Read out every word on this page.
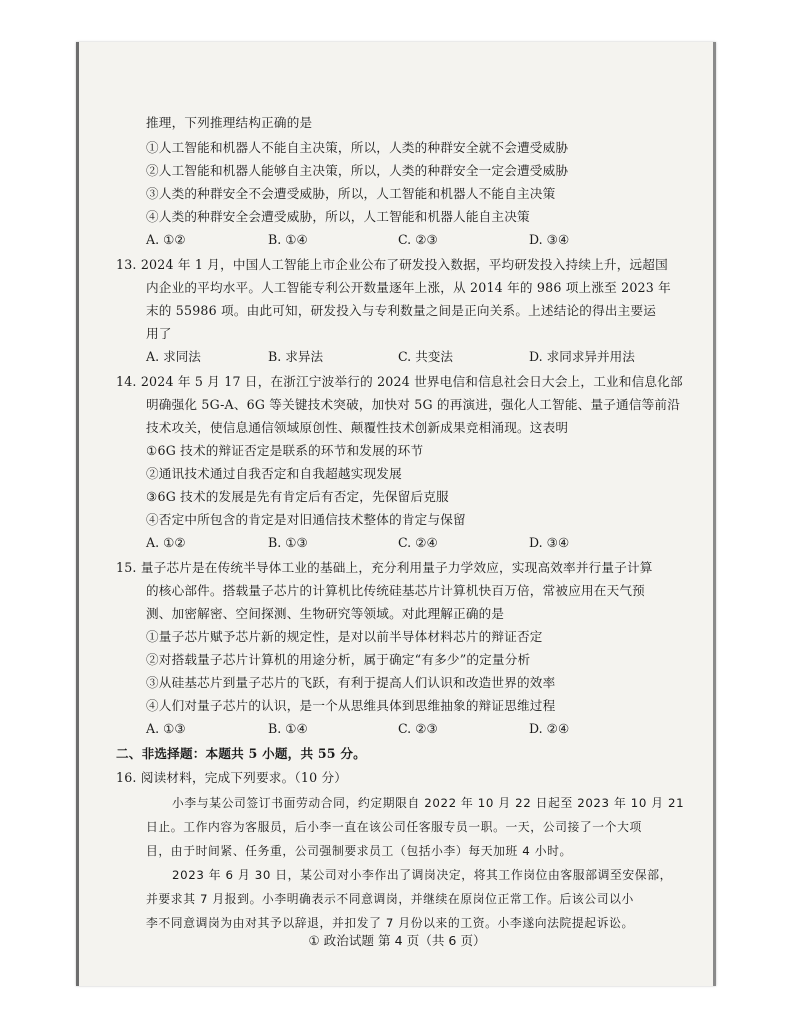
推理，下列推理结构正确的是
①人工智能和机器人不能自主决策，所以，人类的种群安全就不会遭受威胁
②人工智能和机器人能够自主决策，所以，人类的种群安全一定会遭受威胁
③人类的种群安全不会遭受威胁，所以，人工智能和机器人不能自主决策
④人类的种群安全会遭受威胁，所以，人工智能和机器人能自主决策
A. ①②	B. ①④	C. ②③	D. ③④
13. 2024 年 1 月，中国人工智能上市企业公布了研发投入数据，平均研发投入持续上升，远超国
内企业的平均水平。人工智能专利公开数量逐年上涨，从 2014 年的 986 项上涨至 2023 年
末的 55986 项。由此可知，研发投入与专利数量之间是正向关系。上述结论的得出主要运
用了
A. 求同法	B. 求异法	C. 共变法	D. 求同求异并用法
14. 2024 年 5 月 17 日，在浙江宁波举行的 2024 世界电信和信息社会日大会上，工业和信息化部
明确强化 5G-A、6G 等关键技术突破，加快对 5G 的再演进，强化人工智能、量子通信等前沿
技术攻关，使信息通信领域原创性、颠覆性技术创新成果竞相涌现。这表明
①6G 技术的辩证否定是联系的环节和发展的环节
②通讯技术通过自我否定和自我超越实现发展
③6G 技术的发展是先有肯定后有否定，先保留后克服
④否定中所包含的肯定是对旧通信技术整体的肯定与保留
A. ①②	B. ①③	C. ②④	D. ③④
15. 量子芯片是在传统半导体工业的基础上，充分利用量子力学效应，实现高效率并行量子计算
的核心部件。搭载量子芯片的计算机比传统硅基芯片计算机快百万倍，常被应用在天气预
测、加密解密、空间探测、生物研究等领域。对此理解正确的是
①量子芯片赋予芯片新的规定性，是对以前半导体材料芯片的辩证否定
②对搭载量子芯片计算机的用途分析，属于确定“有多少”的定量分析
③从硅基芯片到量子芯片的飞跃，有利于提高人们认识和改造世界的效率
④人们对量子芯片的认识，是一个从思维具体到思维抽象的辩证思维过程
A. ①③	B. ①④	C. ②③	D. ②④
二、非选择题：本题共 5 小题，共 55 分。
16. 阅读材料，完成下列要求。（10 分）
小李与某公司签订书面劳动合同，约定期限自 2022 年 10 月 22 日起至 2023 年 10 月 21
日止。工作内容为客服员，后小李一直在该公司任客服专员一职。一天，公司接了一个大项
目，由于时间紧、任务重，公司强制要求员工（包括小李）每天加班 4 小时。
2023 年 6 月 30 日，某公司对小李作出了调岗决定，将其工作岗位由客服部调至安保部，
并要求其 7 月报到。小李明确表示不同意调岗，并继续在原岗位正常工作。后该公司以小
李不同意调岗为由对其予以辞退，并扣发了 7 月份以来的工资。小李遂向法院提起诉讼。
① 政治试题 第 4 页（共 6 页）
